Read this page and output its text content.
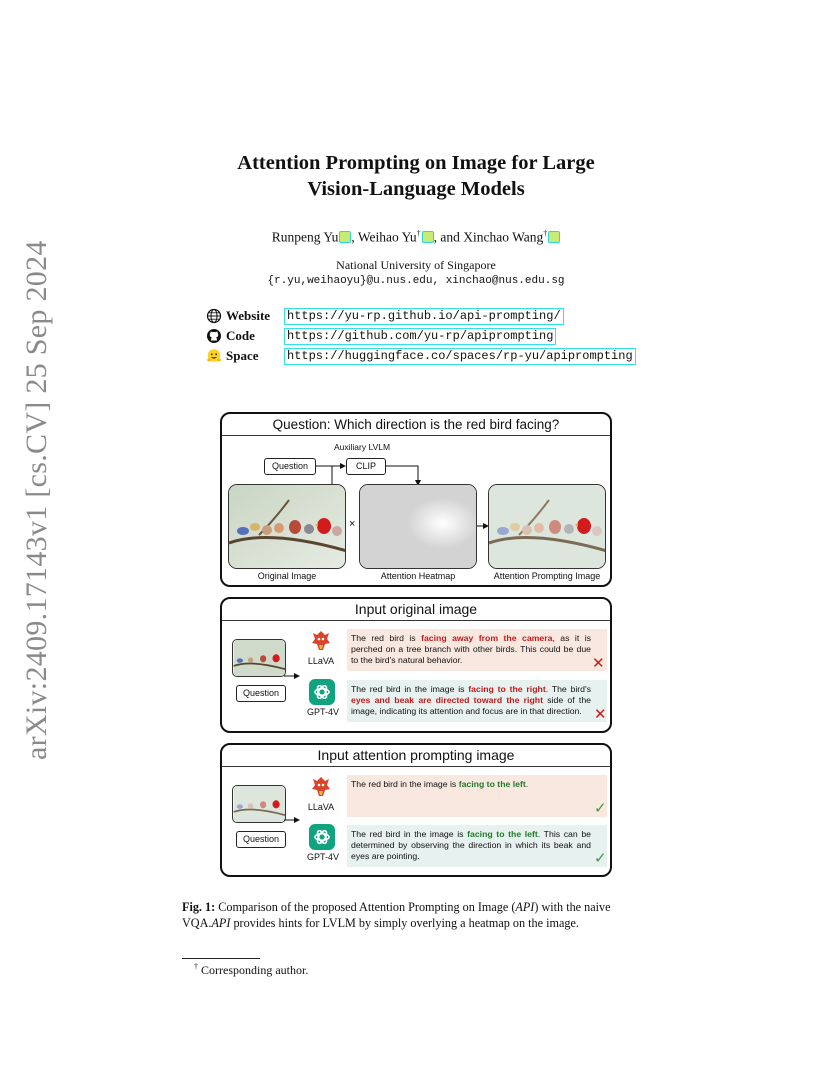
arXiv:2409.17143v1 [cs.CV] 25 Sep 2024
Attention Prompting on Image for Large
Vision-Language Models
Runpeng Yu , Weihao Yu† , and Xinchao Wang†
National University of Singapore
{r.yu,weihaoyu}@u.nus.edu, xinchao@nus.edu.sg
Website	https://yu-rp.github.io/api-prompting/
Code	https://github.com/yu-rp/apiprompting
Space	https://huggingface.co/spaces/rp-yu/apiprompting
Question: Which direction is the red bird facing?
Auxiliary LVLM
Question	CLIP
×
Original Image	Attention Heatmap	Attention Prompting Image
Input original image
Question
LLaVA
GPT-4V
The red bird is facing away from the camera, as it is perched on a tree branch with other birds. This could be due to the bird's natural behavior.	✕
The red bird in the image is facing to the right. The bird's eyes and beak are directed toward the right side of the image, indicating its attention and focus are in that direction. ✕
Input attention prompting image
Question
LLaVA
GPT-4V
The red bird in the image is facing to the left.
✓
The red bird in the image is facing to the left. This can be determined by observing the direction in which its beak and eyes are pointing.	✓
Fig. 1: Comparison of the proposed Attention Prompting on Image (API) with the naive VQA.API provides hints for LVLM by simply overlying a heatmap on the image.
† Corresponding author.
